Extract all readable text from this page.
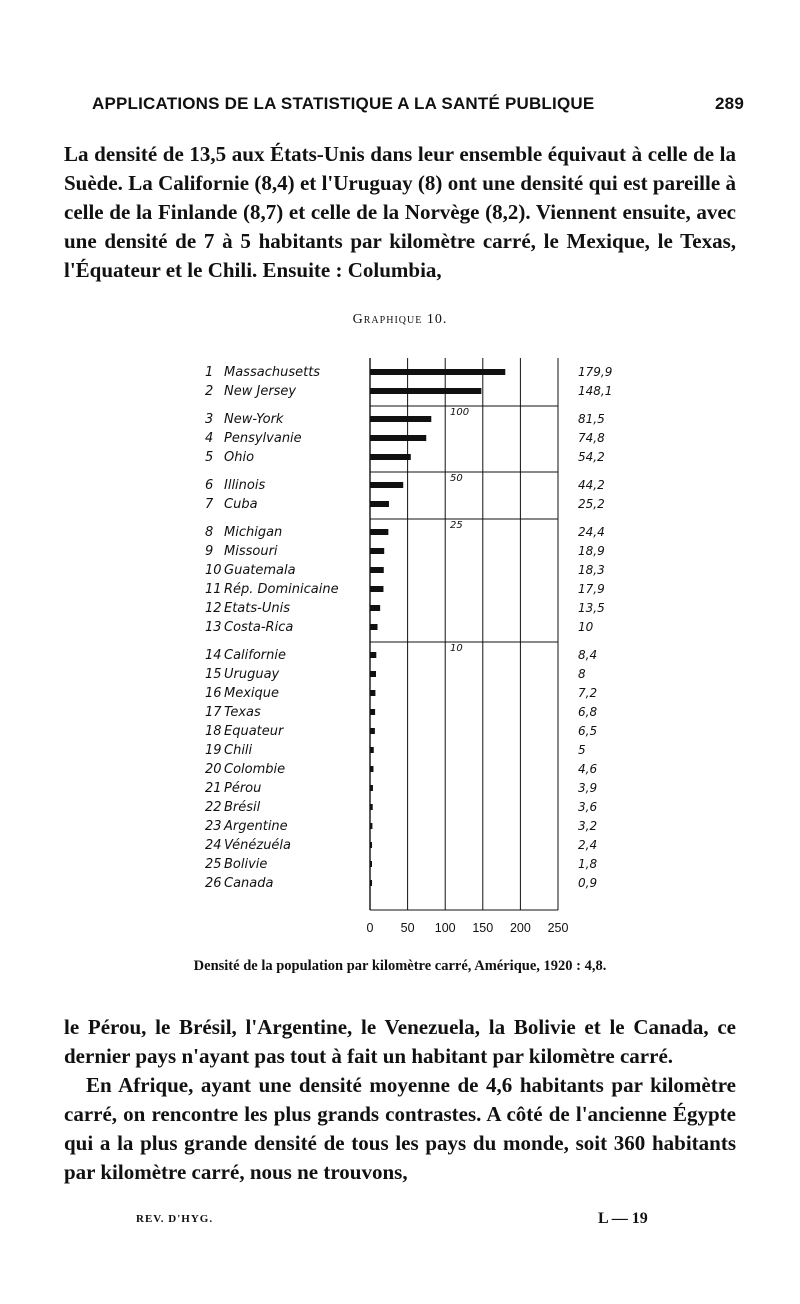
APPLICATIONS DE LA STATISTIQUE A LA SANTÉ PUBLIQUE	289

La densité de 13,5 aux États-Unis dans leur ensemble équivaut à celle de la Suède. La Californie (8,4) et l'Uruguay (8) ont une densité qui est pareille à celle de la Finlande (8,7) et celle de la Norvège (8,2). Viennent ensuite, avec une densité de 7 à 5 habitants par kilomètre carré, le Mexique, le Texas, l'Équateur et le Chili. Ensuite : Columbia,

Graphique 10.
0 50 100 150 200 250
100
50
25
10
1 Massachusetts	179,9
2 New Jersey	148,1
3 New-York	81,5
4 Pensylvanie	74,8
5 Ohio	54,2
6 Illinois	44,2
7 Cuba	25,2
8 Michigan	24,4
9 Missouri	18,9
10 Guatemala	18,3
11 Rép. Dominicaine	17,9
12 Etats-Unis	13,5
13 Costa-Rica	10
14 Californie	8,4
15 Uruguay	8
16 Mexique	7,2
17 Texas	6,8
18 Equateur	6,5
19 Chili	5
20 Colombie	4,6
21 Pérou	3,9
22 Brésil	3,6
23 Argentine	3,2
24 Vénézuéla	2,4
25 Bolivie	1,8
26 Canada	0,9
Densité de la population par kilomètre carré, Amérique, 1920 : 4,8.

le Pérou, le Brésil, l'Argentine, le Venezuela, la Bolivie et le Canada, ce dernier pays n'ayant pas tout à fait un habitant par kilomètre carré.

En Afrique, ayant une densité moyenne de 4,6 habitants par kilomètre carré, on rencontre les plus grands contrastes. A côté de l'ancienne Égypte qui a la plus grande densité de tous les pays du monde, soit 360 habitants par kilomètre carré, nous ne trouvons,

REV. D'HYG.	L — 19
